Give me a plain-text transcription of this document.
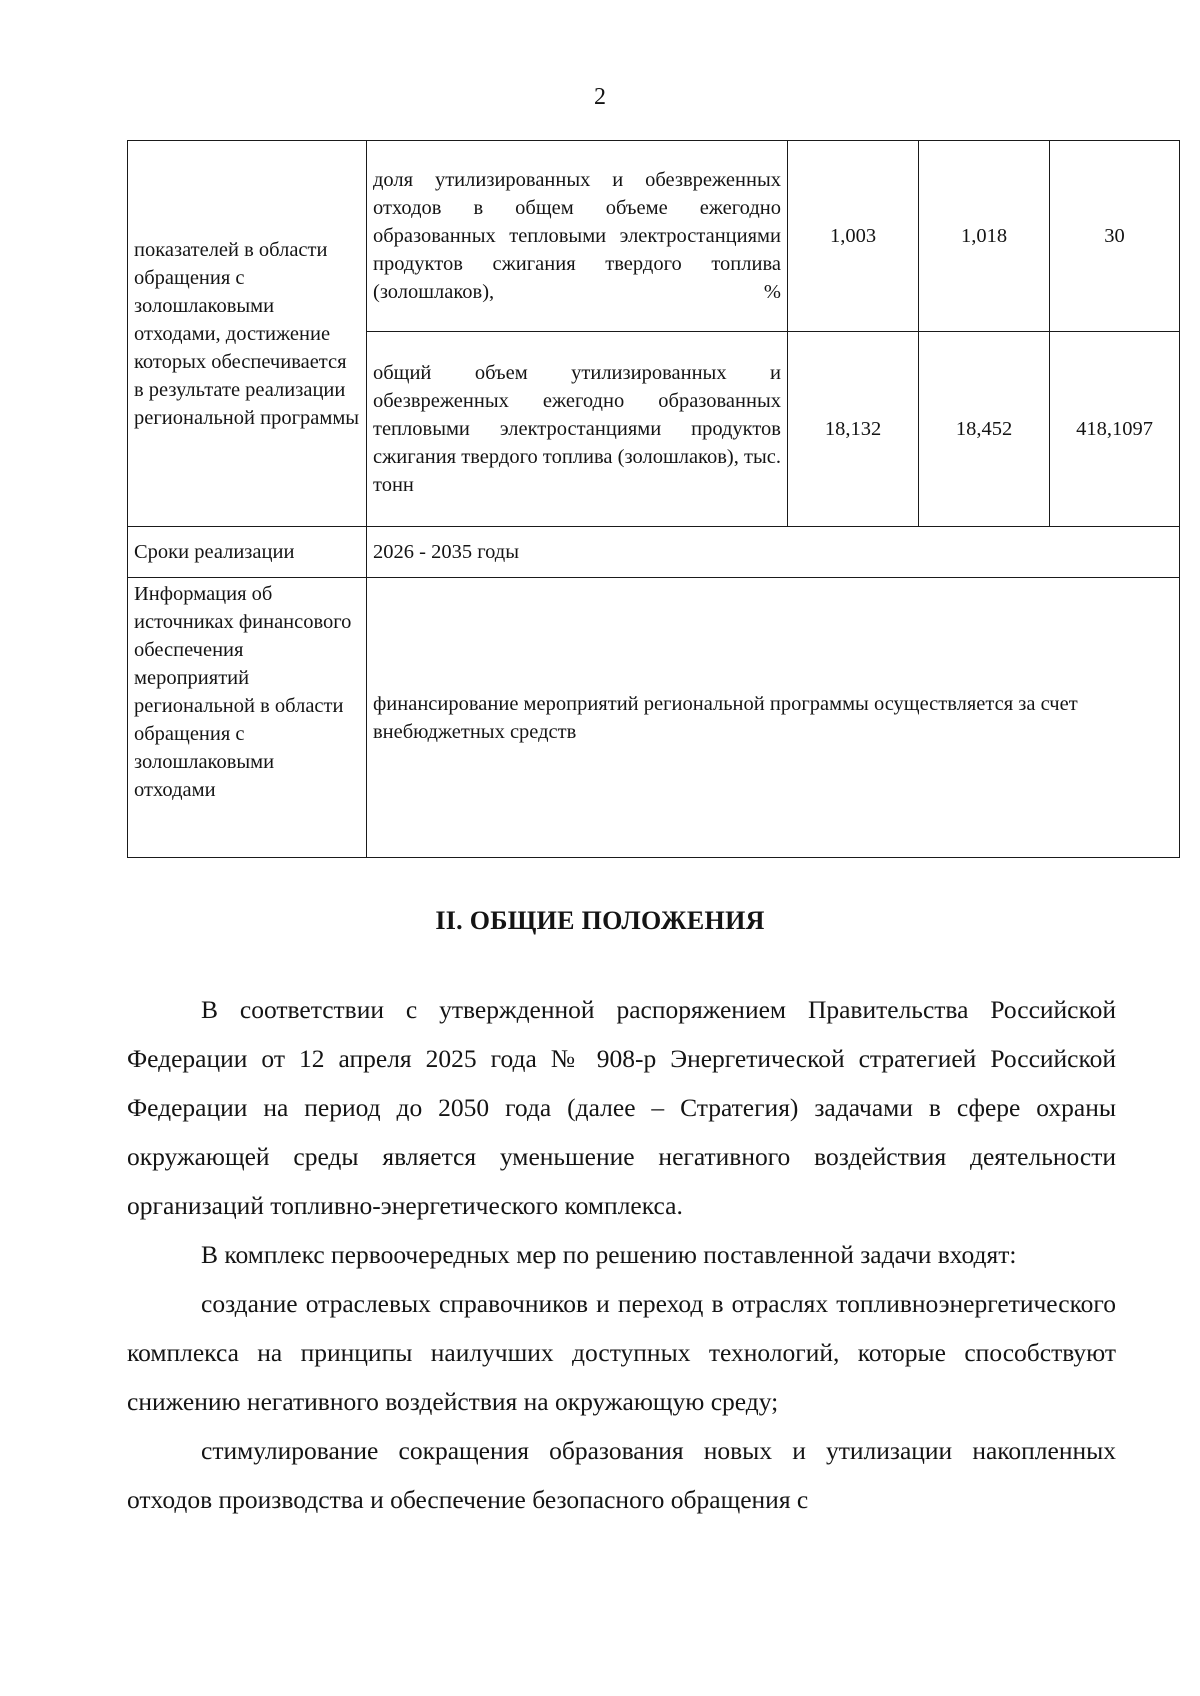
2
показателей в области обращения с золошлаковыми отходами, достижение которых обеспечивается в результате реализации региональной программы	доля утилизированных и обезвреженных отходов в общем объеме ежегодно образованных тепловыми электростанциями продуктов сжигания твердого топлива (золошлаков), %	1,003	1,018	30
	общий объем утилизированных и обезвреженных ежегодно образованных тепловыми электростанциями продуктов сжигания твердого топлива (золошлаков), тыс. тонн	18,132	18,452	418,1097
Сроки реализации	2026 - 2035 годы			
Информация об источниках финансового обеспечения мероприятий региональной в области обращения с золошлаковыми отходами	финансирование мероприятий региональной программы осуществляется за счет внебюджетных средств			
II. ОБЩИЕ ПОЛОЖЕНИЯ

В соответствии с утвержденной распоряжением Правительства Российской Федерации от 12 апреля 2025 года № 908-р Энергетической стратегией Российской Федерации на период до 2050 года (далее – Стратегия) задачами в сфере охраны окружающей среды является уменьшение негативного воздействия деятельности организаций топливно-энергетического комплекса.

В комплекс первоочередных мер по решению поставленной задачи входят:

создание отраслевых справочников и переход в отраслях топливноэнергетического комплекса на принципы наилучших доступных технологий, которые способствуют снижению негативного воздействия на окружающую среду;

стимулирование сокращения образования новых и утилизации накопленных отходов производства и обеспечение безопасного обращения с
